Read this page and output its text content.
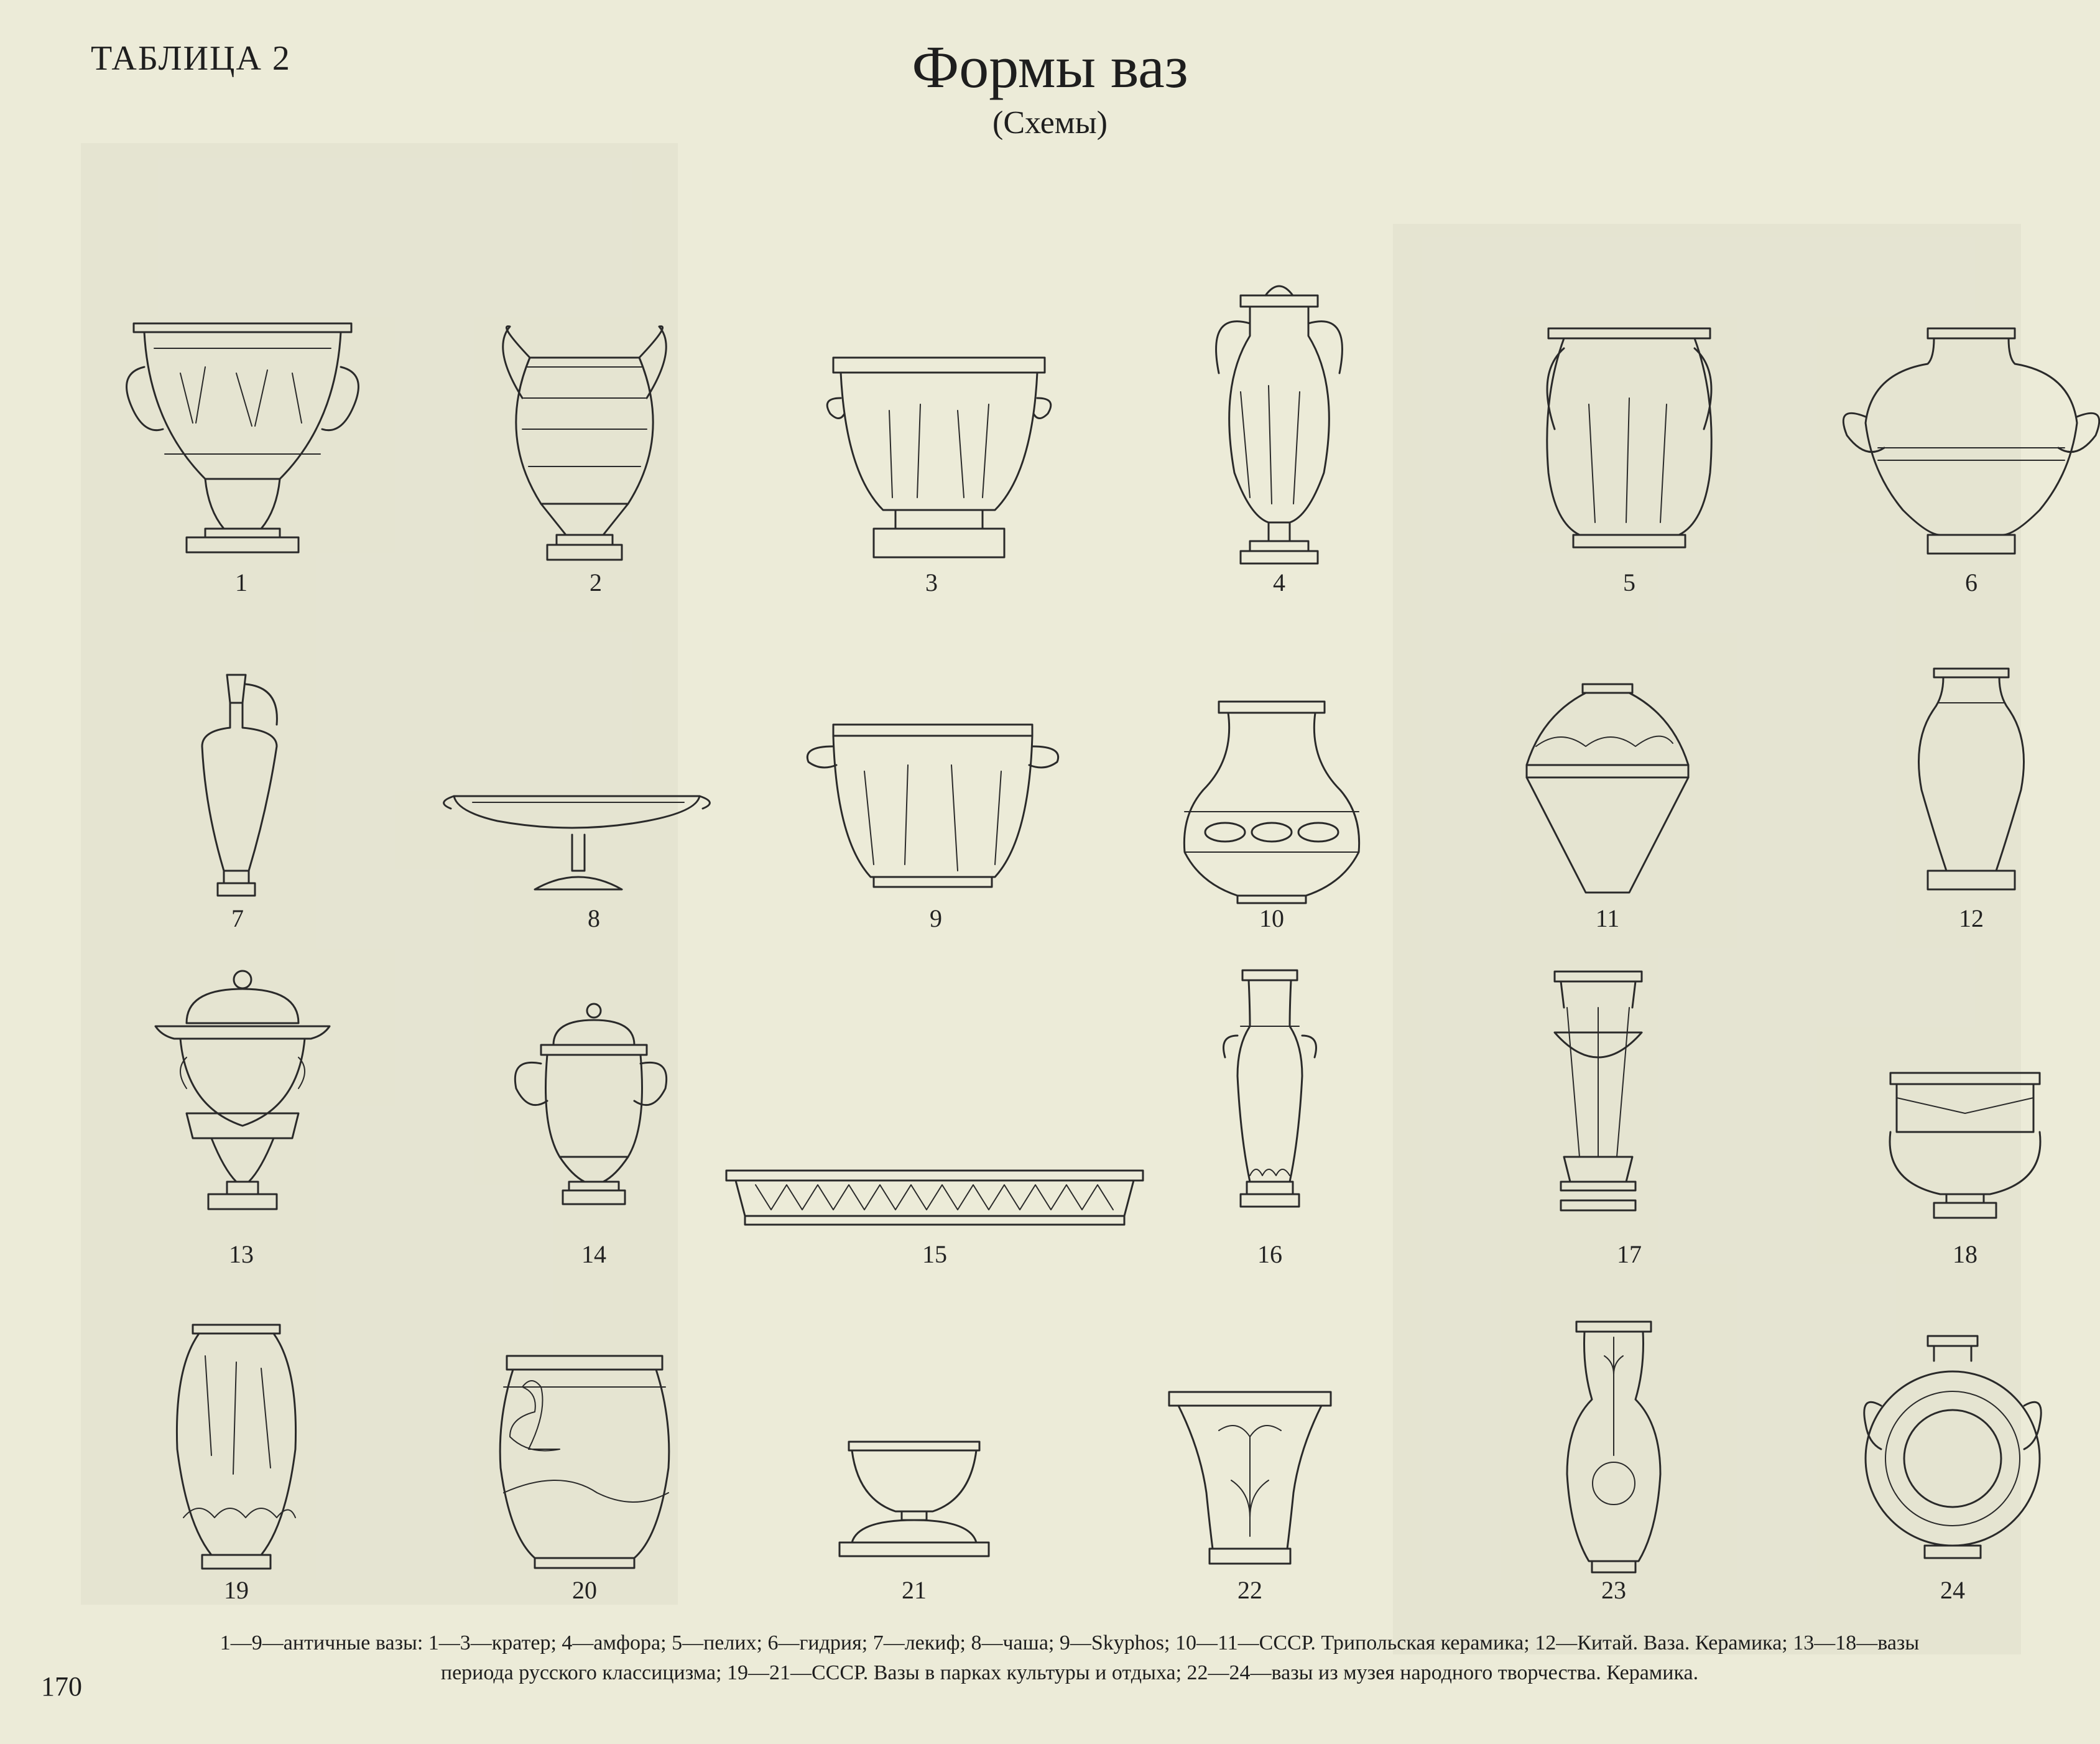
ТАБЛИЦА 2	Формы ваз
(Схемы)
1	2	3	4	5	6
7	8	9	10	11	12
13	14	15	16	17	18
19	20	21	22	23	24
1—9—античные вазы: 1—3—кратер; 4—амфора; 5—пелих; 6—гидрия; 7—лекиф; 8—чаша; 9—Skyphos; 10—11—СССР. Трипольская керамика; 12—Китай. Ваза. Керамика; 13—18—вазы
периода русского классицизма; 19—21—СССР. Вазы в парках культуры и отдыха; 22—24—вазы из музея народного творчества. Керамика.
170
